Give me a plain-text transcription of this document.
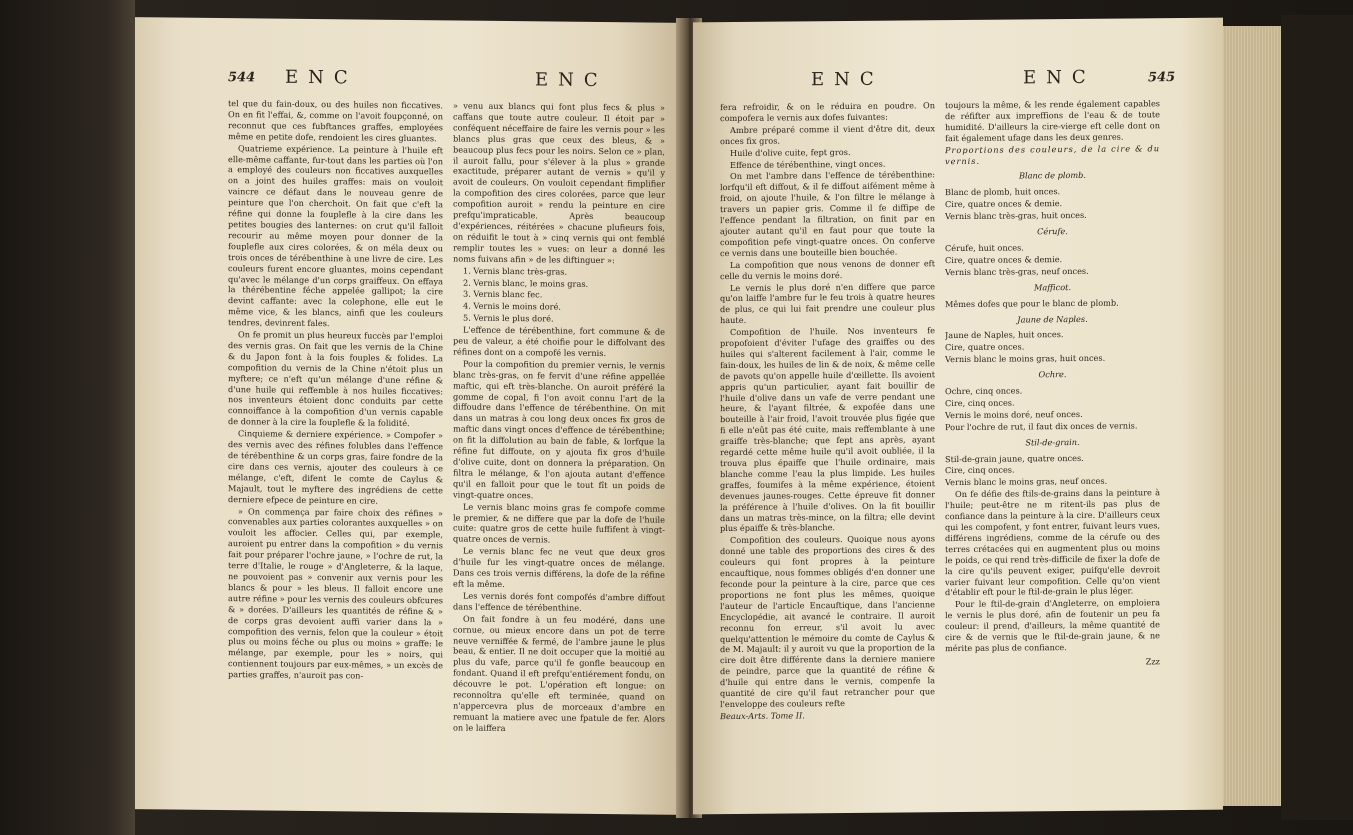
544 ENC	ENC

tel que du fain-doux, ou des huiles non ficcatives. On en fit l'effai, &, comme on l'avoit foupçonné, on reconnut que ces fubftances graffes, employées même en petite dofe, rendoient les cires gluantes.

Quatrieme expérience. La peinture à l'huile eft elle-même caffante, fur-tout dans les parties où l'on a employé des couleurs non ficcatives auxquelles on a joint des huiles graffes: mais on vouloit vaincre ce défaut dans le nouveau genre de peinture que l'on cherchoit. On fait que c'eft la réfine qui donne la fouplefle à la cire dans les petites bougies des lanternes: on crut qu'il falloit recourir au même moyen pour donner de la fouplefle aux cires colorées, & on méla deux ou trois onces de térébenthine à une livre de cire. Les couleurs furent encore gluantes, moins cependant qu'avec le mélange d'un corps graiffeux. On effaya la thérébentine féche appelée gallipot; la cire devint caffante: avec la colephone, elle eut le même vice, & les blancs, ainfi que les couleurs tendres, devinrent fales.

On fe promit un plus heureux fuccès par l'emploi des vernis gras. On fait que les vernis de la Chine & du Japon font à la fois fouples & folides. La compofition du vernis de la Chine n'étoit plus un myftere; ce n'eft qu'un mélange d'une réfine & d'une huile qui reffemble à nos huiles ficcatives: nos inventeurs étoient donc conduits par cette connoiffance à la compofition d'un vernis capable de donner à la cire la fouplefle & la folidité.

Cinquieme & derniere expérience. » Compofer » des vernis avec des réfines folubles dans l'effence de térébenthine & un corps gras, faire fondre de la cire dans ces vernis, ajouter des couleurs à ce mélange, c'eft, difent le comte de Caylus & Majault, tout le myftere des ingrédiens de cette derniere efpece de peinture en cire.

» On commença par faire choix des réfines » convenables aux parties colorantes auxquelles » on vouloit les affocier. Celles qui, par exemple, auroient pu entrer dans la compofition » du vernis fait pour préparer l'ochre jaune, » l'ochre de rut, la terre d'Italie, le rouge » d'Angleterre, & la laque, ne pouvoient pas » convenir aux vernis pour les blancs & pour » les bleus. Il falloit encore une autre réfine » pour les vernis des couleurs obfcures & » dorées. D'ailleurs les quantités de réfine & » de corps gras devoient auffi varier dans la » compofition des vernis, felon que la couleur » étoit plus ou moins féche ou plus ou moins » graffe: le mélange, par exemple, pour les » noirs, qui contiennent toujours par eux-mêmes, » un excès de parties graffes, n'auroit pas con-

» venu aux blancs qui font plus fecs & plus » caffans que toute autre couleur. Il étoit par » conféquent néceffaire de faire les vernis pour » les blancs plus gras que ceux des bleus, & » beaucoup plus fecs pour les noirs. Selon ce » plan, il auroit fallu, pour s'élever à la plus » grande exactitude, préparer autant de vernis » qu'il y avoit de couleurs. On vouloit cependant fimplifier la compofition des cires colorées, parce que leur compofition auroit » rendu la peinture en cire prefqu'impraticable. Après beaucoup d'expériences, réitérées » chacune plufieurs fois, on réduifit le tout à » cinq vernis qui ont femblé remplir toutes les » vues: on leur a donné les noms fuivans afin » de les diftinguer »:

1. Vernis blanc très-gras.

2. Vernis blanc, le moins gras.

3. Vernis blanc fec.

4. Vernis le moins doré.

5. Vernis le plus doré.

L'effence de térébenthine, fort commune & de peu de valeur, a été choifie pour le diffolvant des réfines dont on a compofé les vernis.

Pour la compofition du premier vernis, le vernis blanc très-gras, on fe fervit d'une réfine appellée maftic, qui eft très-blanche. On auroit préféré la gomme de copal, fi l'on avoit connu l'art de la diffoudre dans l'effence de térébenthine. On mit dans un matras à cou long deux onces fix gros de maftic dans vingt onces d'effence de térébenthine; on fit la diffolution au bain de fable, & lorfque la réfine fut diffoute, on y ajouta fix gros d'huile d'olive cuite, dont on donnera la préparation. On filtra le mélange, & l'on ajouta autant d'effence qu'il en falloit pour que le tout fît un poids de vingt-quatre onces.

Le vernis blanc moins gras fe compofe comme le premier, & ne differe que par la dofe de l'huile cuite: quatre gros de cette huile fuffifent à vingt-quatre onces de vernis.

Le vernis blanc fec ne veut que deux gros d'huile fur les vingt-quatre onces de mélange. Dans ces trois vernis différens, la dofe de la réfine eft la même.

Les vernis dorés font compofés d'ambre diffout dans l'effence de térébenthine.

On fait fondre à un feu modéré, dans une cornue, ou mieux encore dans un pot de terre neuve verniffée & fermé, de l'ambre jaune le plus beau, & entier. Il ne doit occuper que la moitié au plus du vafe, parce qu'il fe gonfle beaucoup en fondant. Quand il eft prefqu'entiérement fondu, on découvre le pot. L'opération eft longue: on reconnoîtra qu'elle eft terminée, quand on n'appercevra plus de morceaux d'ambre en remuant la matiere avec une fpatule de fer. Alors on le laiffera

ENC	ENC	545

fera refroidir, & on le réduira en poudre. On compofera le vernis aux dofes fuivantes:

Ambre préparé comme il vient d'être dit, deux onces fix gros.

Huile d'olive cuite, fept gros.

Effence de térébenthine, vingt onces.

On met l'ambre dans l'effence de térébenthine: lorfqu'il eft diffout, & il fe diffout aifément même à froid, on ajoute l'huile, & l'on filtre le mélange à travers un papier gris. Comme il fe diffipe de l'effence pendant la filtration, on finit par en ajouter autant qu'il en faut pour que toute la compofition pefe vingt-quatre onces. On conferve ce vernis dans une bouteille bien bouchée.

La compofition que nous venons de donner eft celle du vernis le moins doré.

Le vernis le plus doré n'en differe que parce qu'on laiffe l'ambre fur le feu trois à quatre heures de plus, ce qui lui fait prendre une couleur plus haute.

Compofition de l'huile. Nos inventeurs fe propofoient d'éviter l'ufage des graiffes ou des huiles qui s'alterent facilement à l'air, comme le fain-doux, les huiles de lin & de noix, & même celle de pavots qu'on appelle huile d'œillette. Ils avoient appris qu'un particulier, ayant fait bouillir de l'huile d'olive dans un vafe de verre pendant une heure, & l'ayant filtrée, & expofée dans une bouteille à l'air froid, l'avoit trouvée plus figée que fi elle n'eût pas été cuite, mais reffemblante à une graiffe très-blanche; que fept ans après, ayant regardé cette même huile qu'il avoit oubliée, il la trouva plus épaiffe que l'huile ordinaire, mais blanche comme l'eau la plus limpide. Les huiles graffes, foumifes à la même expérience, étoient devenues jaunes-rouges. Cette épreuve fit donner la préférence à l'huile d'olives. On la fit bouillir dans un matras très-mince, on la filtra; elle devint plus épaiffe & très-blanche.

Compofition des couleurs. Quoique nous ayons donné une table des proportions des cires & des couleurs qui font propres à la peinture encauftique, nous fommes obligés d'en donner une feconde pour la peinture à la cire, parce que ces proportions ne font plus les mêmes, quoique l'auteur de l'article Encauftique, dans l'ancienne Encyclopédie, ait avancé le contraire. Il auroit reconnu fon erreur, s'il avoit lu avec quelqu'attention le mémoire du comte de Caylus & de M. Majault: il y auroit vu que la proportion de la cire doit être différente dans la derniere maniere de peindre, parce que la quantité de réfine & d'huile qui entre dans le vernis, compenfe la quantité de cire qu'il faut retrancher pour que l'enveloppe des couleurs refte

Beaux-Arts. Tome II.

toujours la même, & les rende également capables de réfifter aux impreffions de l'eau & de toute humidité. D'ailleurs la cire-vierge eft celle dont on fait également ufage dans les deux genres.

Proportions des couleurs, de la cire & du vernis.

Blanc de plomb.

Blanc de plomb, huit onces.

Cire, quatre onces & demie.

Vernis blanc très-gras, huit onces.

Cérufe.

Cérufe, huit onces.

Cire, quatre onces & demie.

Vernis blanc très-gras, neuf onces.

Mafficot.

Mêmes dofes que pour le blanc de plomb.

Jaune de Naples.

Jaune de Naples, huit onces.

Cire, quatre onces.

Vernis blanc le moins gras, huit onces.

Ochre.

Ochre, cinq onces.

Cire, cinq onces.

Vernis le moins doré, neuf onces.

Pour l'ochre de rut, il faut dix onces de vernis.

Stil-de-grain.

Stil-de-grain jaune, quatre onces.

Cire, cinq onces.

Vernis blanc le moins gras, neuf onces.

On fe défie des ftils-de-grains dans la peinture à l'huile; peut-être ne m ritent-ils pas plus de confiance dans la peinture à la cire. D'ailleurs ceux qui les compofent, y font entrer, fuivant leurs vues, différens ingrédiens, comme de la cérufe ou des terres crétacées qui en augmentent plus ou moins le poids, ce qui rend très-difficile de fixer la dofe de la cire qu'ils peuvent exiger, puifqu'elle devroit varier fuivant leur compofition. Celle qu'on vient d'établir eft pour le ftil-de-grain le plus léger.

Pour le ftil-de-grain d'Angleterre, on emploiera le vernis le plus doré, afin de foutenir un peu fa couleur: il prend, d'ailleurs, la même quantité de cire & de vernis que le ftil-de-grain jaune, & ne mérite pas plus de confiance.

Zzz
